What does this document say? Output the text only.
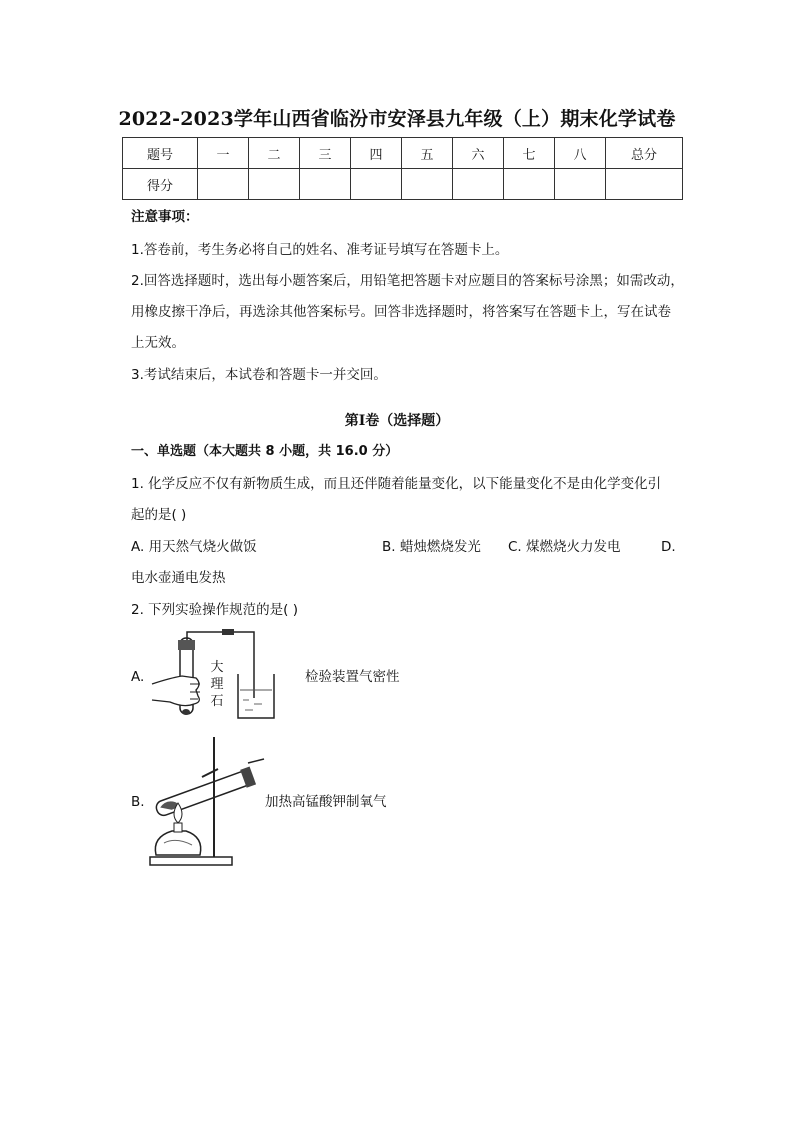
2022-2023学年山西省临汾市安泽县九年级（上）期末化学试卷
题号	一	二	三	四	五	六	七	八	总分
得分									
注意事项：
1.答卷前，考生务必将自己的姓名、准考证号填写在答题卡上。
2.回答选择题时，选出每小题答案后，用铅笔把答题卡对应题目的答案标号涂黑；如需改动，
用橡皮擦干净后，再选涂其他答案标号。回答非选择题时，将答案写在答题卡上，写在试卷
上无效。
3.考试结束后，本试卷和答题卡一并交回。
第Ⅰ卷（选择题）
一、单选题（本大题共 8 小题，共 16.0 分）
1. 化学反应不仅有新物质生成，而且还伴随着能量变化，以下能量变化不是由化学变化引
起的是( )
A. 用天然气烧火做饭	B. 蜡烛燃烧发光 C. 煤燃烧火力发电	D.
电水壶通电发热
2. 下列实验操作规范的是( )
A.
大
理
石
检验装置气密性
B.	加热高锰酸钾制氧气
